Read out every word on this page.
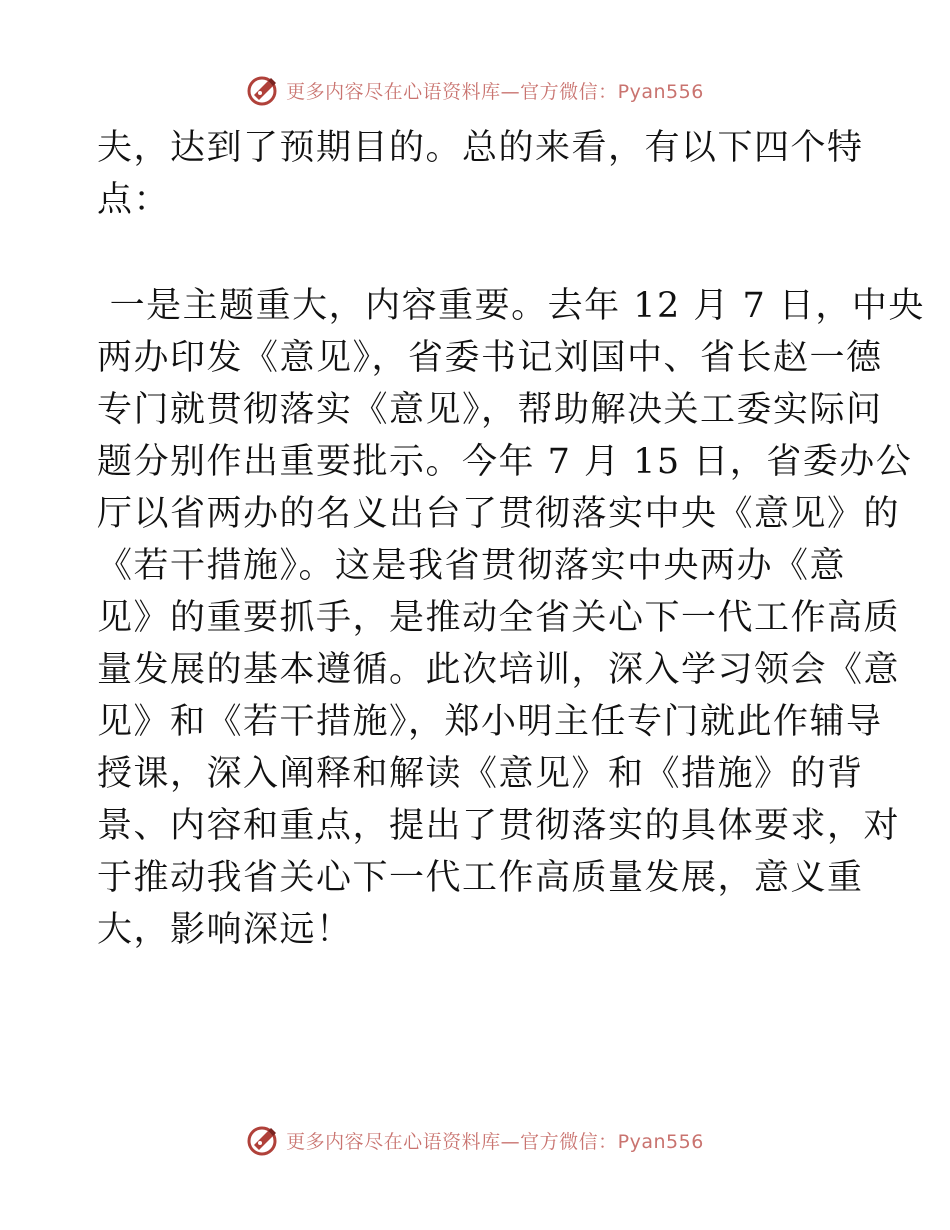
更多内容尽在心语资料库—官方微信：Pyan556
夫，达到了预期目的。总的来看，有以下四个特
点：
一是主题重大，内容重要。去年 12 月 7 日，中央
两办印发《意见》，省委书记刘国中、省长赵一德
专门就贯彻落实《意见》，帮助解决关工委实际问
题分别作出重要批示。今年 7 月 15 日，省委办公
厅以省两办的名义出台了贯彻落实中央《意见》的
《若干措施》。这是我省贯彻落实中央两办《意
见》的重要抓手，是推动全省关心下一代工作高质
量发展的基本遵循。此次培训，深入学习领会《意
见》和《若干措施》，郑小明主任专门就此作辅导
授课，深入阐释和解读《意见》和《措施》的背
景、内容和重点，提出了贯彻落实的具体要求，对
于推动我省关心下一代工作高质量发展，意义重
大，影响深远！
更多内容尽在心语资料库—官方微信：Pyan556
